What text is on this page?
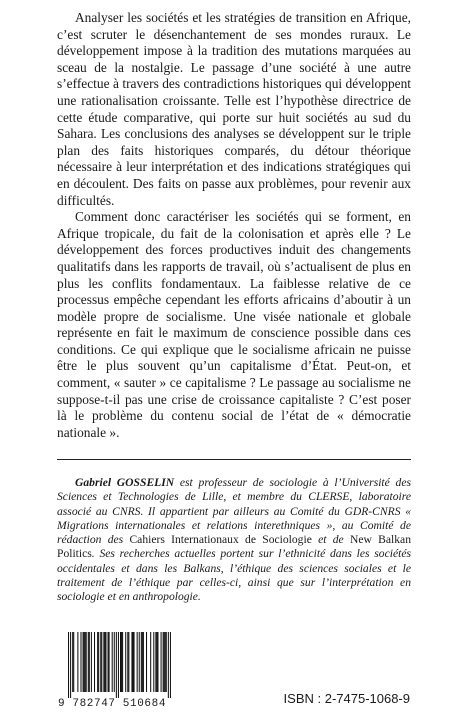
Analyser les sociétés et les stratégies de transition en Afrique, c’est scruter le désenchantement de ses mondes ruraux. Le développement impose à la tradition des mutations marquées au sceau de la nostalgie. Le passage d’une société à une autre s’effectue à travers des contradictions historiques qui développent une rationalisation croissante. Telle est l’hypothèse directrice de cette étude comparative, qui porte sur huit sociétés au sud du Sahara. Les conclusions des analyses se développent sur le triple plan des faits historiques comparés, du détour théorique nécessaire à leur interprétation et des indications stratégiques qui en découlent. Des faits on passe aux problèmes, pour revenir aux difficultés.

Comment donc caractériser les sociétés qui se forment, en Afrique tropicale, du fait de la colonisation et après elle ? Le développement des forces productives induit des changements qualitatifs dans les rapports de travail, où s’actualisent de plus en plus les conflits fondamentaux. La faiblesse relative de ce processus empêche cependant les efforts africains d’aboutir à un modèle propre de socialisme. Une visée nationale et globale représente en fait le maximum de conscience possible dans ces conditions. Ce qui explique que le socialisme africain ne puisse être le plus souvent qu’un capitalisme d’État. Peut-on, et comment, « sauter » ce capitalisme ? Le passage au socialisme ne suppose-t-il pas une crise de croissance capitaliste ? C’est poser là le problème du contenu social de l’état de « démocratie nationale ».

Gabriel GOSSELIN est professeur de sociologie à l’Université des Sciences et Technologies de Lille, et membre du CLERSE, laboratoire associé au CNRS. Il appartient par ailleurs au Comité du GDR-CNRS « Migrations internationales et relations interethniques », au Comité de rédaction des Cahiers Internationaux de Sociologie et de New Balkan Politics. Ses recherches actuelles portent sur l’ethnicité dans les sociétés occidentales et dans les Balkans, l’éthique des sciences sociales et le traitement de l’éthique par celles-ci, ainsi que sur l’interprétation en sociologie et en anthropologie.
9 782747 510684	ISBN : 2-7475-1068-9
